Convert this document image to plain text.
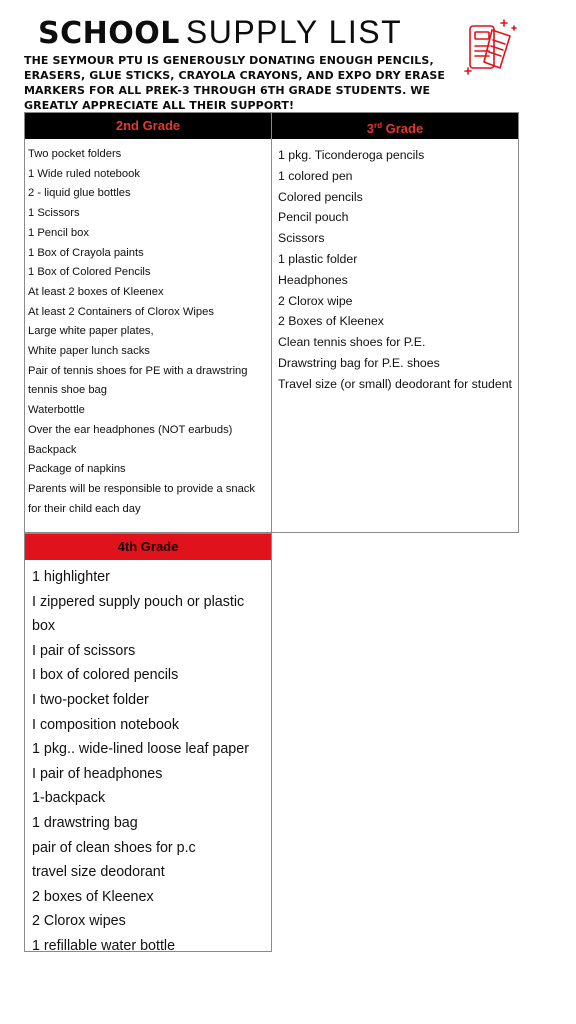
SCHOOL SUPPLY LIST
THE SEYMOUR PTU IS GENEROUSLY DONATING ENOUGH PENCILS, ERASERS, GLUE STICKS, CRAYOLA CRAYONS, AND EXPO DRY ERASE MARKERS FOR ALL PREK-3 THROUGH 6TH GRADE STUDENTS. WE GREATLY APPRECIATE ALL THEIR SUPPORT!
2nd Grade
Two pocket folders
1 Wide ruled notebook
2 - liquid glue bottles
1 Scissors
1 Pencil box
1 Box of Crayola paints
1 Box of Colored Pencils
At least 2 boxes of Kleenex
At least 2 Containers of Clorox Wipes
Large white paper plates,
White paper lunch sacks
Pair of tennis shoes for PE with a drawstring tennis shoe bag
Waterbottle
Over the ear headphones (NOT earbuds)
Backpack
Package of napkins
Parents will be responsible to provide a snack for their child each day
3rd Grade
1 pkg. Ticonderoga pencils
1 colored pen
Colored pencils
Pencil pouch
Scissors
1 plastic folder
Headphones
2 Clorox wipe
2 Boxes of Kleenex
Clean tennis shoes for P.E.
Drawstring bag for P.E. shoes
Travel size (or small) deodorant for student
4th Grade
1 highlighter
I zippered supply pouch or plastic box
I pair of scissors
I box of colored pencils
I two-pocket folder
I composition notebook
1 pkg.. wide-lined loose leaf paper
I pair of headphones
1-backpack
1 drawstring bag
pair of clean shoes for p.c
travel size deodorant
2 boxes of Kleenex
2 Clorox wipes
1 refillable water bottle
